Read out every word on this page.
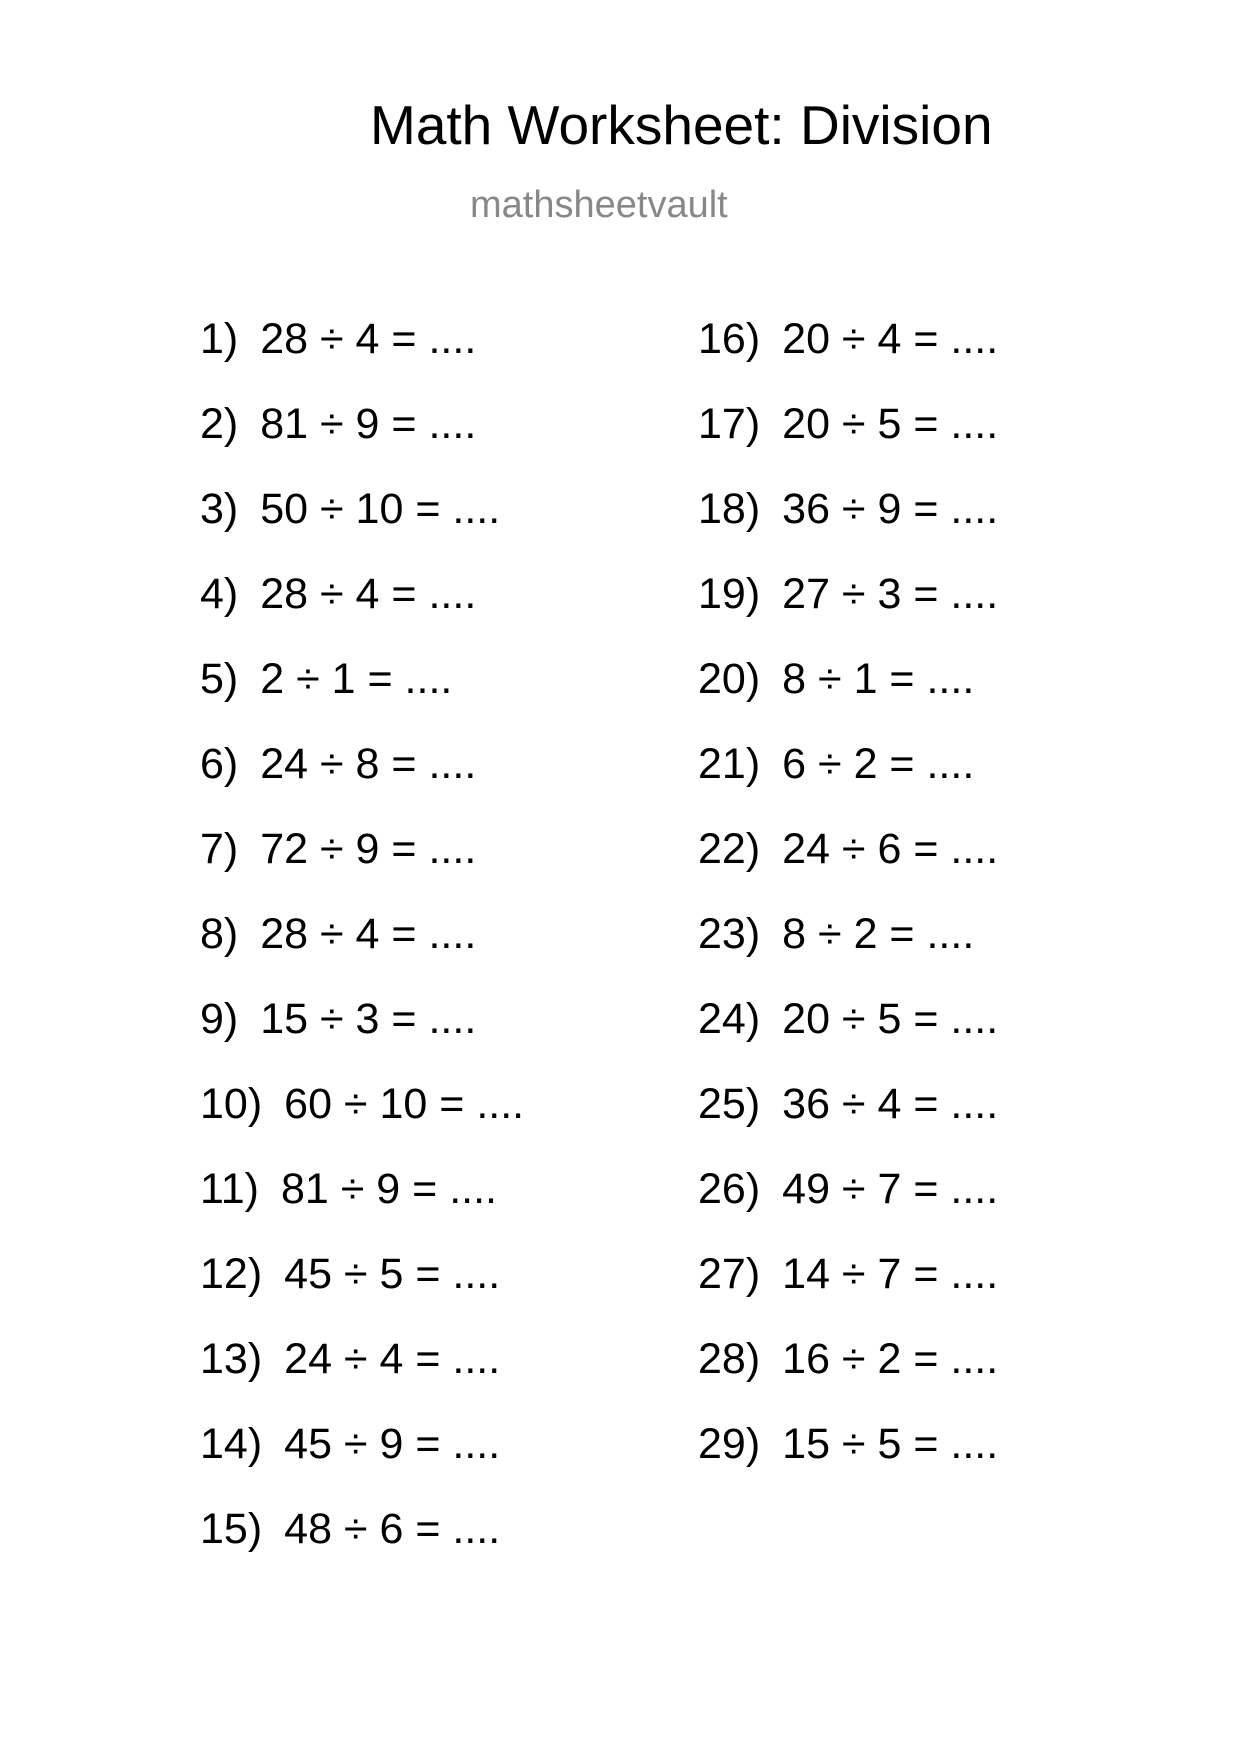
Math Worksheet: Division
mathsheetvault
1) 28 ÷ 4 = ....
2) 81 ÷ 9 = ....
3) 50 ÷ 10 = ....
4) 28 ÷ 4 = ....
5) 2 ÷ 1 = ....
6) 24 ÷ 8 = ....
7) 72 ÷ 9 = ....
8) 28 ÷ 4 = ....
9) 15 ÷ 3 = ....
10) 60 ÷ 10 = ....
11) 81 ÷ 9 = ....
12) 45 ÷ 5 = ....
13) 24 ÷ 4 = ....
14) 45 ÷ 9 = ....
15) 48 ÷ 6 = ....
16) 20 ÷ 4 = ....
17) 20 ÷ 5 = ....
18) 36 ÷ 9 = ....
19) 27 ÷ 3 = ....
20) 8 ÷ 1 = ....
21) 6 ÷ 2 = ....
22) 24 ÷ 6 = ....
23) 8 ÷ 2 = ....
24) 20 ÷ 5 = ....
25) 36 ÷ 4 = ....
26) 49 ÷ 7 = ....
27) 14 ÷ 7 = ....
28) 16 ÷ 2 = ....
29) 15 ÷ 5 = ....
